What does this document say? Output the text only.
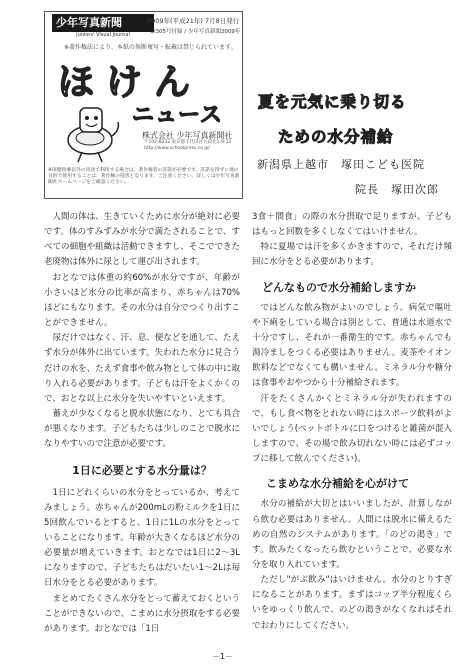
少年写真新聞
Juniors' Visual Journal
2009年(平成21年) 7月8日発行
第305号付録 / 少年写真新聞2009年
※著作権法により、本紙の無断複写・転載は禁じられています。
ほけん
ニュース
株式会社 少年写真新聞社
〒102-8232 東京都千代田区九段北1-9-12 http://www.schoolpress.co.jp/
※保健指導以外の用途で利用する場合は、著作権者の許諾が必要です。許諾を得ずに他の目的で使用することは、著作権の侵害となります。ご注意ください。詳しくは少年写真新聞社ホームページをご確認ください。
夏を元気に乗り切る
ための水分補給
新潟県上越市　塚田こども医院
院長　塚田次郎

人間の体は、生きていくために水分が絶対に必要です。体のすみずみが水分で満たされることで、すべての細胞や組織は活動できますし、そこでできた老廃物は体外に尿として運び出されます。

おとなでは体重の約60%が水分ですが、年齢が小さいほど水分の比率が高まり、赤ちゃんは70%ほどにもなります。その水分は自分でつくり出すことができません。

尿だけではなく、汗、息、便などを通して、たえず水分が体外に出ています。失われた水分に見合うだけの水を、たえず食事や飲み物として体の中に取り入れる必要があります。子どもは汗をよくかくので、おとな以上に水分を失いやすいといえます。

蓄えが少なくなると脱水状態になり、とても具合が悪くなります。子どもたちは少しのことで脱水になりやすいので注意が必要です。

1日に必要とする水分量は？

1日にどれくらいの水分をとっているか、考えてみましょう。赤ちゃんが200mLの粉ミルクを1日に5回飲んでいるとすると、1日に1Lの水分をとっていることになります。年齢が大きくなるほど水分の必要量が増えていきます。おとなでは1日に2～3Lになりますので、子どもたちはだいたい1～2Lは毎日水分をとる必要があります。

まとめてたくさん水分をとって蓄えておくということができないので、こまめに水分摂取をする必要があります。おとなでは「1日

3食＋間食」の際の水分摂取で足りますが、子どもはもっと回数を多くしなくてはいけません。

特に夏場では汗を多くかきますので、それだけ頻回に水分をとる必要があります。

どんなもので水分補給しますか

ではどんな飲み物がよいのでしょう。病気で嘔吐や下痢をしている場合は別として、普通は水道水で十分ですし、それが一番衛生的です。赤ちゃんでも湯冷ましをつくる必要はありません。麦茶やイオン飲料などでなくても構いません。ミネラル分や糖分は食事やおやつから十分補給されます。

汗をたくさんかくとミネラル分が失われますので、もし食べ物をとれない時にはスポーツ飲料がよいでしょう(ペットボトルに口をつけると雑菌が混入しますので、その場で飲み切れない時には必ずコップに移して飲んでください)。

こまめな水分補給を心がけて

水分の補給が大切とはいいましたが、計算しながら飲む必要はありません。人間には脱水に備えるための自然のシステムがあります。「のどの渇き」です。飲みたくなったら飲むということで、必要な水分を取り入れています。

ただし"がぶ飲み"はいけません。水分のとりすぎになることがあります。まずはコップ半分程度くらいをゆっくり飲んで、のどの渇きがなくなればそれでおわりにしてください。

－1－
